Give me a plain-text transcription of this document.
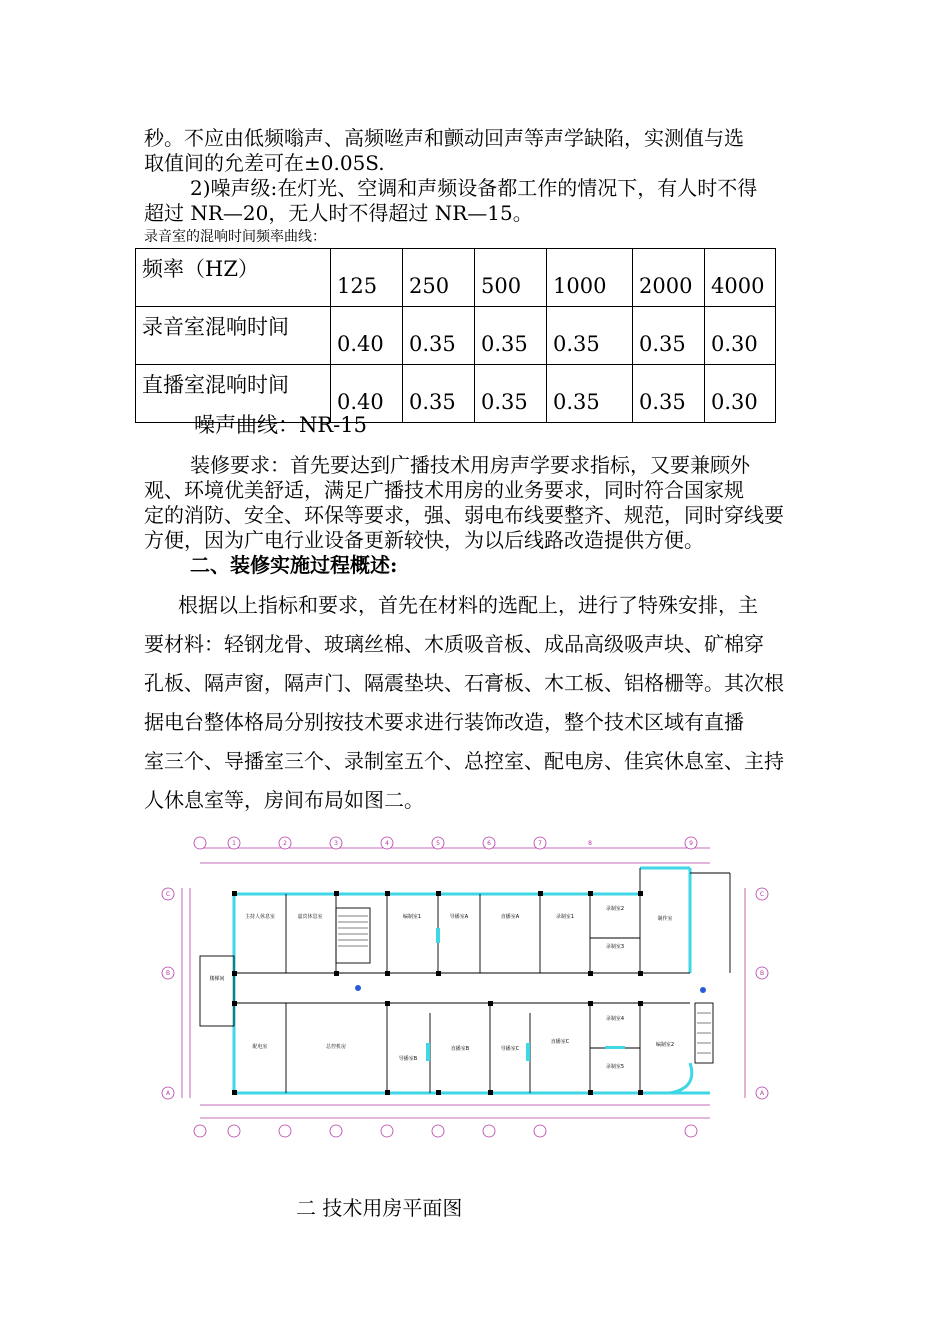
秒。不应由低频嗡声、高频咝声和颤动回声等声学缺陷，实测值与选

取值间的允差可在±0.05S.

2)噪声级:在灯光、空调和声频设备都工作的情况下，有人时不得

超过 NR—20，无人时不得超过 NR—15。

录音室的混响时间频率曲线：

频率（HZ）	125	250	500	1000	2000	4000
录音室混响时间	0.40	0.35	0.35	0.35	0.35	0.30
直播室混响时间	0.40	0.35	0.35	0.35	0.35	0.30

噪声曲线：NR-15

装修要求：首先要达到广播技术用房声学要求指标，又要兼顾外

观、环境优美舒适，满足广播技术用房的业务要求，同时符合国家规

定的消防、安全、环保等要求，强、弱电布线要整齐、规范，同时穿线要

方便，因为广电行业设备更新较快，为以后线路改造提供方便。

二、装修实施过程概述:

根据以上指标和要求，首先在材料的选配上，进行了特殊安排，主

要材料：轻钢龙骨、玻璃丝棉、木质吸音板、成品高级吸声块、矿棉穿

孔板、隔声窗，隔声门、隔震垫块、石膏板、木工板、铝格栅等。其次根

据电台整体格局分别按技术要求进行装饰改造，整个技术区域有直播

室三个、导播室三个、录制室五个、总控室、配电房、佳宾休息室、主持

人休息室等，房间布局如图二。

1	2	3	4	5	6	7	8	9
C
B
A
C
B
A
主持人休息室	嘉宾休息室	编制室1	导播室A	直播室A	录制室1
录制室2
录制室3
制作室
楼梯间
配电室	总控机房
导播室B
直播室B	导播室C
直播室C
录制室4
录制室5
编制室2
二 技术用房平面图
